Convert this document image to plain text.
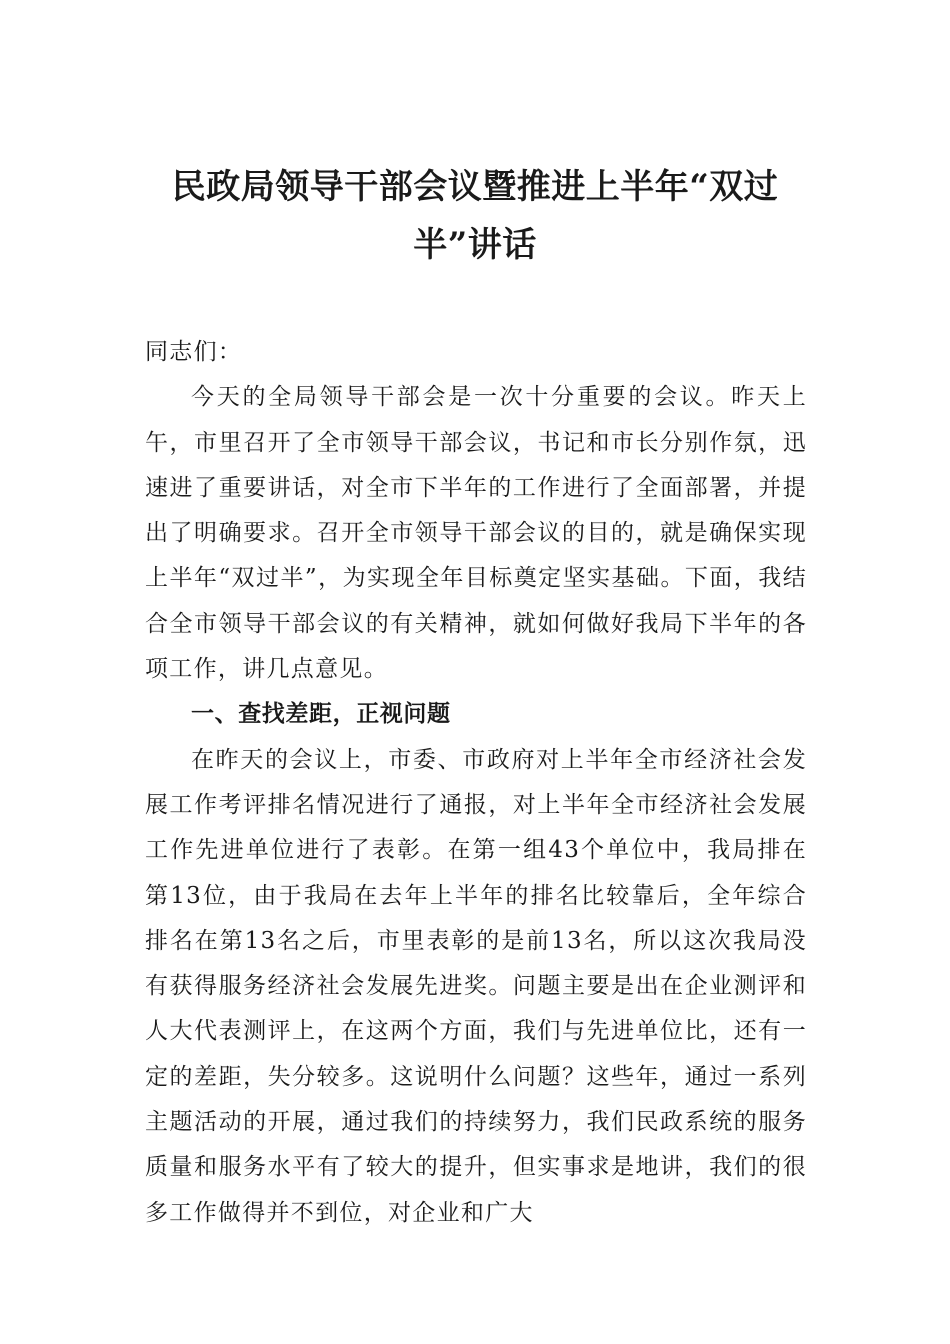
民政局领导干部会议暨推进上半年“双过
半”讲话

同志们：

今天的全局领导干部会是一次十分重要的会议。昨天上午，市里召开了全市领导干部会议，书记和市长分别作氛，迅速进了重要讲话，对全市下半年的工作进行了全面部署，并提出了明确要求。召开全市领导干部会议的目的，就是确保实现上半年“双过半”，为实现全年目标奠定坚实基础。下面，我结合全市领导干部会议的有关精神，就如何做好我局下半年的各项工作，讲几点意见。

一、查找差距，正视问题

在昨天的会议上，市委、市政府对上半年全市经济社会发展工作考评排名情况进行了通报，对上半年全市经济社会发展工作先进单位进行了表彰。在第一组43个单位中，我局排在第13位，由于我局在去年上半年的排名比较靠后，全年综合排名在第13名之后，市里表彰的是前13名，所以这次我局没有获得服务经济社会发展先进奖。问题主要是出在企业测评和人大代表测评上，在这两个方面，我们与先进单位比，还有一定的差距，失分较多。这说明什么问题？这些年，通过一系列主题活动的开展，通过我们的持续努力，我们民政系统的服务质量和服务水平有了较大的提升，但实事求是地讲，我们的很多工作做得并不到位，对企业和广大
